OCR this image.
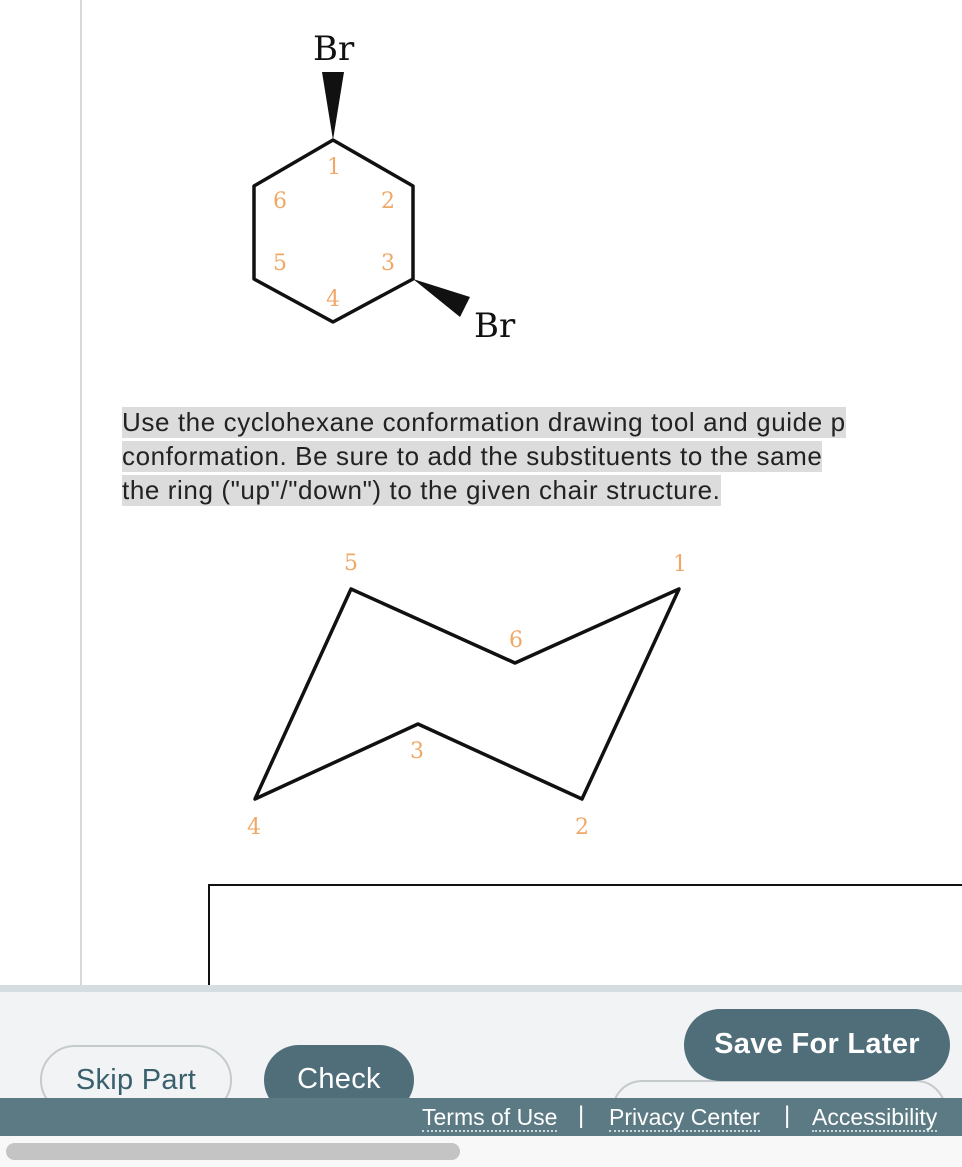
Br
Br
1
2
3
4
5
6
1
2
3
4
5
6
Use the cyclohexane conformation drawing tool and guide p
conformation. Be sure to add the substituents to the same
the ring ("up"/"down") to the given chair structure.
Skip Part	Check
Save For Later
Terms of Use | Privacy Center | Accessibility
